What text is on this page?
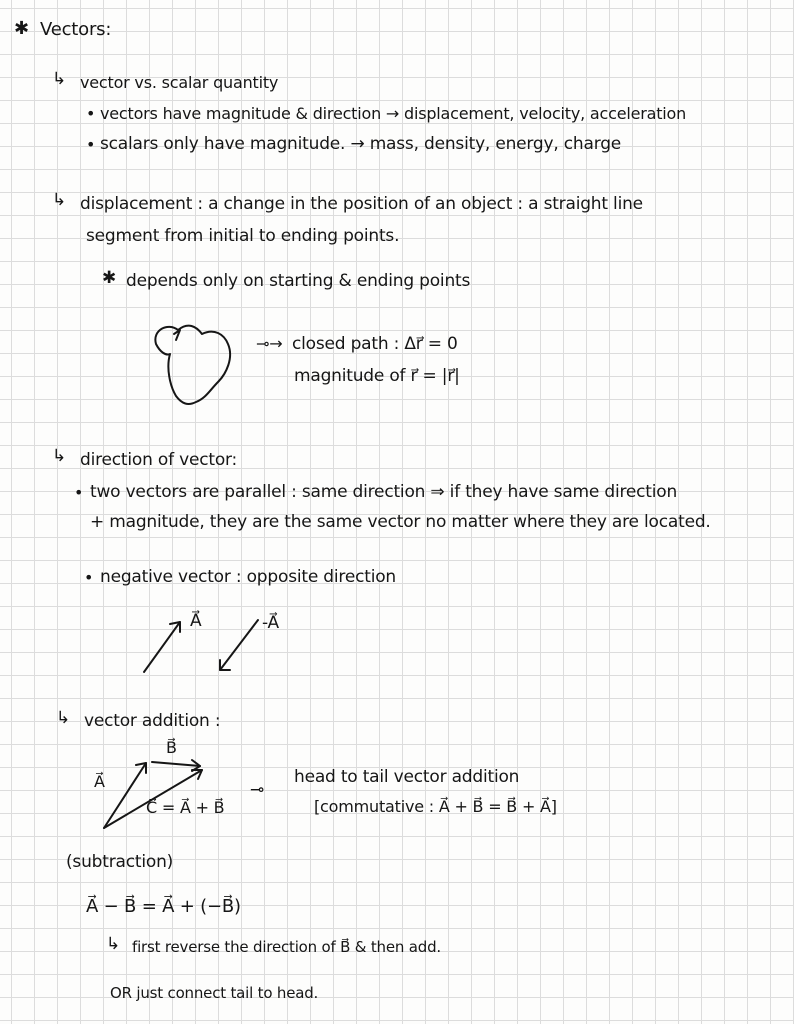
✱ Vectors:
↳ vector vs. scalar quantity
• vectors have magnitude & direction → displacement, velocity, acceleration
• scalars only have magnitude. → mass, density, energy, charge
↳ displacement : a change in the position of an object : a straight line
segment from initial to ending points.
✱ depends only on starting & ending points
⊸→ closed path : Δr⃗ = 0
magnitude of r⃗ = |r⃗|
↳ direction of vector:
• two vectors are parallel : same direction ⇒ if they have same direction
+ magnitude, they are the same vector no matter where they are located.
• negative vector : opposite direction
A⃗	-A⃗
↳ vector addition :
A⃗
B⃗
C⃗ = A⃗ + B⃗
⊸
head to tail vector addition
[commutative : A⃗ + B⃗ = B⃗ + A⃗]
(subtraction)
A⃗ − B⃗ = A⃗ + (−B⃗)
↳ first reverse the direction of B⃗ & then add.
OR just connect tail to head.
